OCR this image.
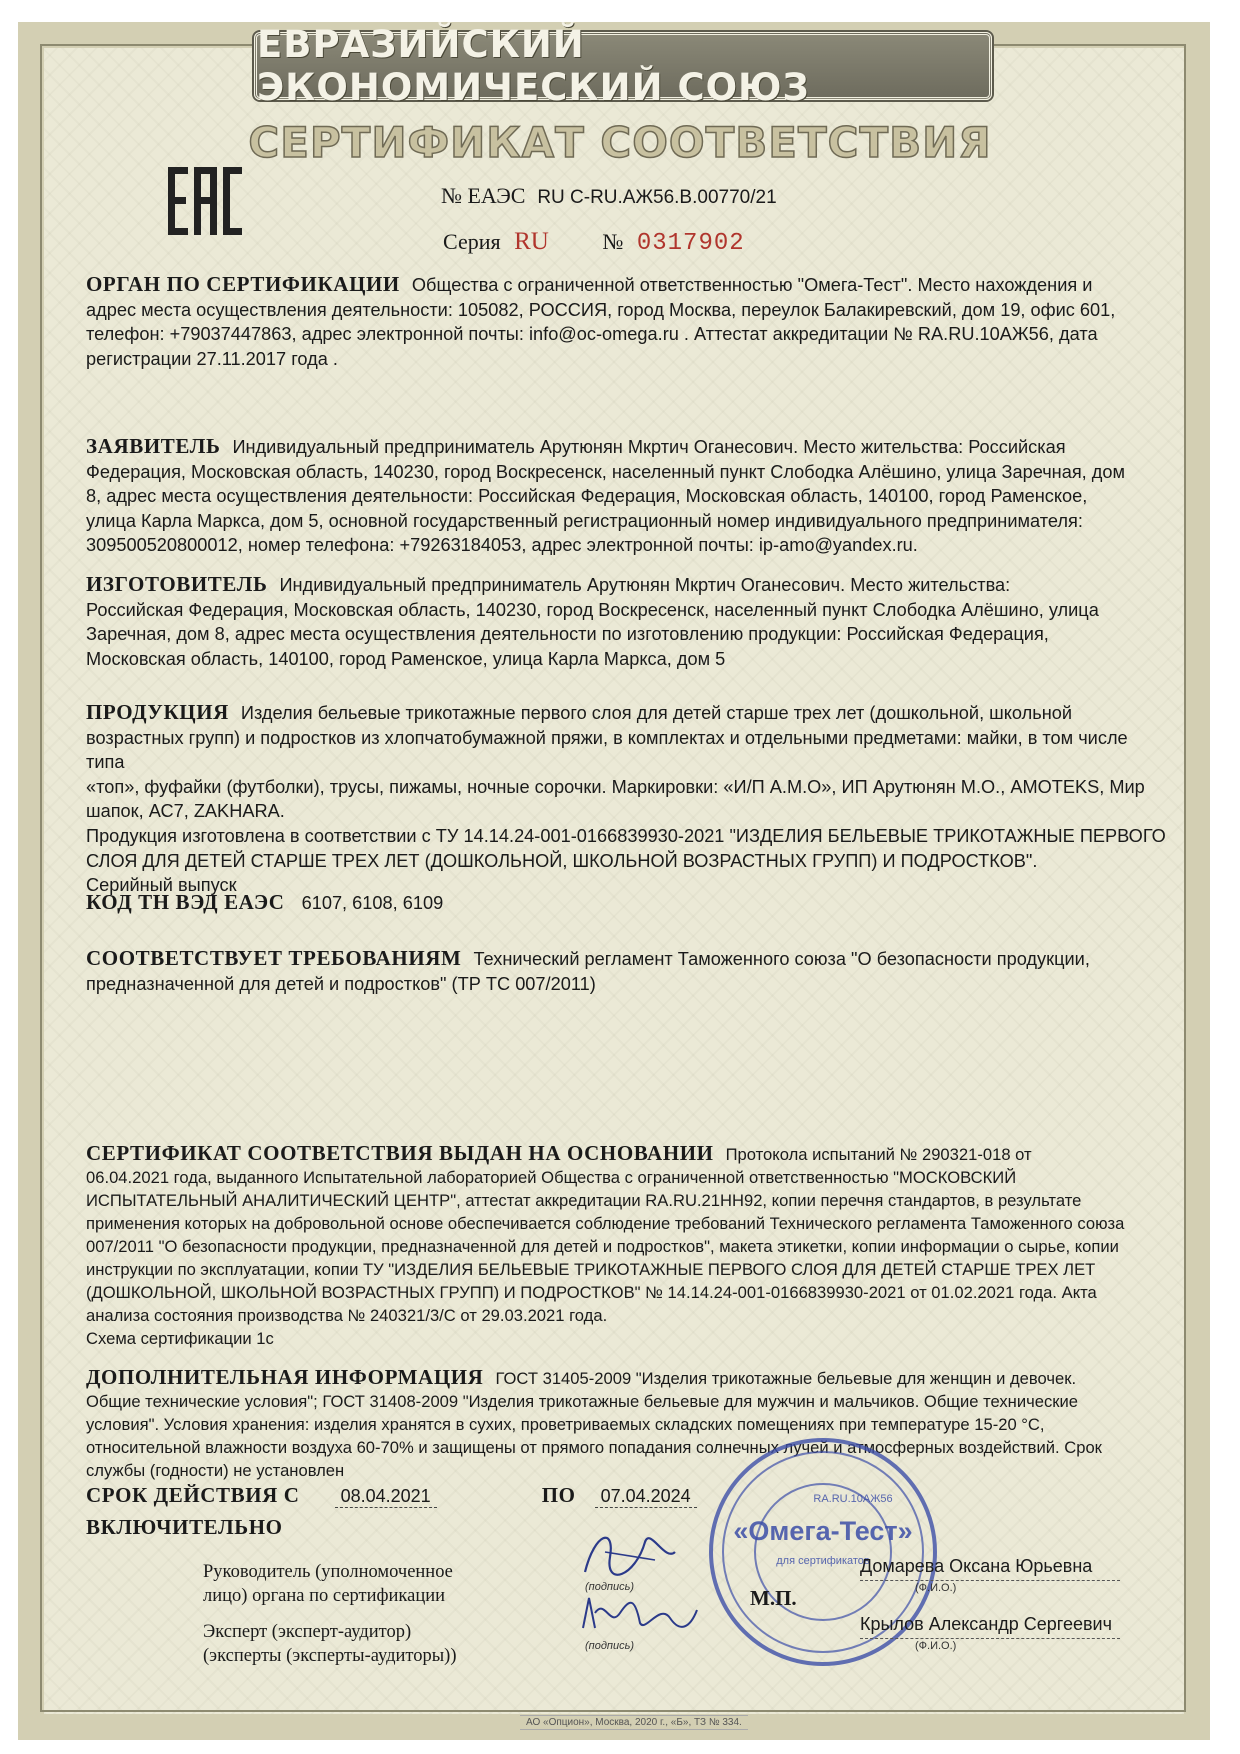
ЕВРАЗИЙСКИЙ ЭКОНОМИЧЕСКИЙ СОЮЗ
СЕРТИФИКАТ СООТВЕТСТВИЯ
№ ЕАЭС RU C-RU.АЖ56.В.00770/21
Серия RU № 0317902
ОРГАН ПО СЕРТИФИКАЦИИ Общества с ограниченной ответственностью "Омега-Тест". Место нахождения и
адрес места осуществления деятельности: 105082, РОССИЯ, город Москва, переулок Балакиревский, дом 19, офис 601,
телефон: +79037447863, адрес электронной почты: info@oc-omega.ru . Аттестат аккредитации № RA.RU.10АЖ56, дата
регистрации 27.11.2017 года .
ЗАЯВИТЕЛЬ Индивидуальный предприниматель Арутюнян Мкртич Оганесович. Место жительства: Российская
Федерация, Московская область, 140230, город Воскресенск, населенный пункт Слободка Алёшино, улица Заречная, дом
8, адрес места осуществления деятельности: Российская Федерация, Московская область, 140100, город Раменское,
улица Карла Маркса, дом 5, основной государственный регистрационный номер индивидуального предпринимателя:
309500520800012, номер телефона: +79263184053, адрес электронной почты: ip-amo@yandex.ru.
ИЗГОТОВИТЕЛЬ Индивидуальный предприниматель Арутюнян Мкртич Оганесович. Место жительства:
Российская Федерация, Московская область, 140230, город Воскресенск, населенный пункт Слободка Алёшино, улица
Заречная, дом 8, адрес места осуществления деятельности по изготовлению продукции: Российская Федерация,
Московская область, 140100, город Раменское, улица Карла Маркса, дом 5
ПРОДУКЦИЯ Изделия бельевые трикотажные первого слоя для детей старше трех лет (дошкольной, школьной
возрастных групп) и подростков из хлопчатобумажной пряжи, в комплектах и отдельными предметами: майки, в том числе типа
«топ», фуфайки (футболки), трусы, пижамы, ночные сорочки. Маркировки: «И/П А.М.О», ИП Арутюнян М.О., AMOTEKS, Мир
шапок, АС7, ZAKHARA.
Продукция изготовлена в соответствии с ТУ 14.14.24-001-0166839930-2021 "ИЗДЕЛИЯ БЕЛЬЕВЫЕ ТРИКОТАЖНЫЕ ПЕРВОГО
СЛОЯ ДЛЯ ДЕТЕЙ СТАРШЕ ТРЕХ ЛЕТ (ДОШКОЛЬНОЙ, ШКОЛЬНОЙ ВОЗРАСТНЫХ ГРУПП) И ПОДРОСТКОВ".
Серийный выпуск
КОД ТН ВЭД ЕАЭС 6107, 6108, 6109
СООТВЕТСТВУЕТ ТРЕБОВАНИЯМ Технический регламент Таможенного союза "О безопасности продукции,
предназначенной для детей и подростков" (ТР ТС 007/2011)
СЕРТИФИКАТ СООТВЕТСТВИЯ ВЫДАН НА ОСНОВАНИИ Протокола испытаний № 290321-018 от
06.04.2021 года, выданного Испытательной лабораторией Общества с ограниченной ответственностью "МОСКОВСКИЙ
ИСПЫТАТЕЛЬНЫЙ АНАЛИТИЧЕСКИЙ ЦЕНТР", аттестат аккредитации RA.RU.21НН92, копии перечня стандартов, в результате
применения которых на добровольной основе обеспечивается соблюдение требований Технического регламента Таможенного союза
007/2011 "О безопасности продукции, предназначенной для детей и подростков", макета этикетки, копии информации о сырье, копии
инструкции по эксплуатации, копии ТУ "ИЗДЕЛИЯ БЕЛЬЕВЫЕ ТРИКОТАЖНЫЕ ПЕРВОГО СЛОЯ ДЛЯ ДЕТЕЙ СТАРШЕ ТРЕХ ЛЕТ
(ДОШКОЛЬНОЙ, ШКОЛЬНОЙ ВОЗРАСТНЫХ ГРУПП) И ПОДРОСТКОВ" № 14.14.24-001-0166839930-2021 от 01.02.2021 года. Акта
анализа состояния производства № 240321/3/С от 29.03.2021 года.
Схема сертификации 1с
ДОПОЛНИТЕЛЬНАЯ ИНФОРМАЦИЯ ГОСТ 31405-2009 "Изделия трикотажные бельевые для женщин и девочек.
Общие технические условия"; ГОСТ 31408-2009 "Изделия трикотажные бельевые для мужчин и мальчиков. Общие технические
условия". Условия хранения: изделия хранятся в сухих, проветриваемых складских помещениях при температуре 15-20 °С,
относительной влажности воздуха 60-70% и защищены от прямого попадания солнечных лучей и атмосферных воздействий. Срок
службы (годности) не установлен
СРОК ДЕЙСТВИЯ С 08.04.2021	ПО 07.04.2024
ВКЛЮЧИТЕЛЬНО	«Омега-Тест»
для сертификатов
RA.RU.10АЖ56
Руководитель (уполномоченное
лицо) органа по сертификации	(подпись)	М.П.
Домарева Оксана Юрьевна
(Ф.И.О.)
Эксперт (эксперт-аудитор)
(эксперты (эксперты-аудиторы))	(подпись)
Крылов Александр Сергеевич
(Ф.И.О.)
АО «Опцион», Москва, 2020 г., «Б», ТЗ № 334.
